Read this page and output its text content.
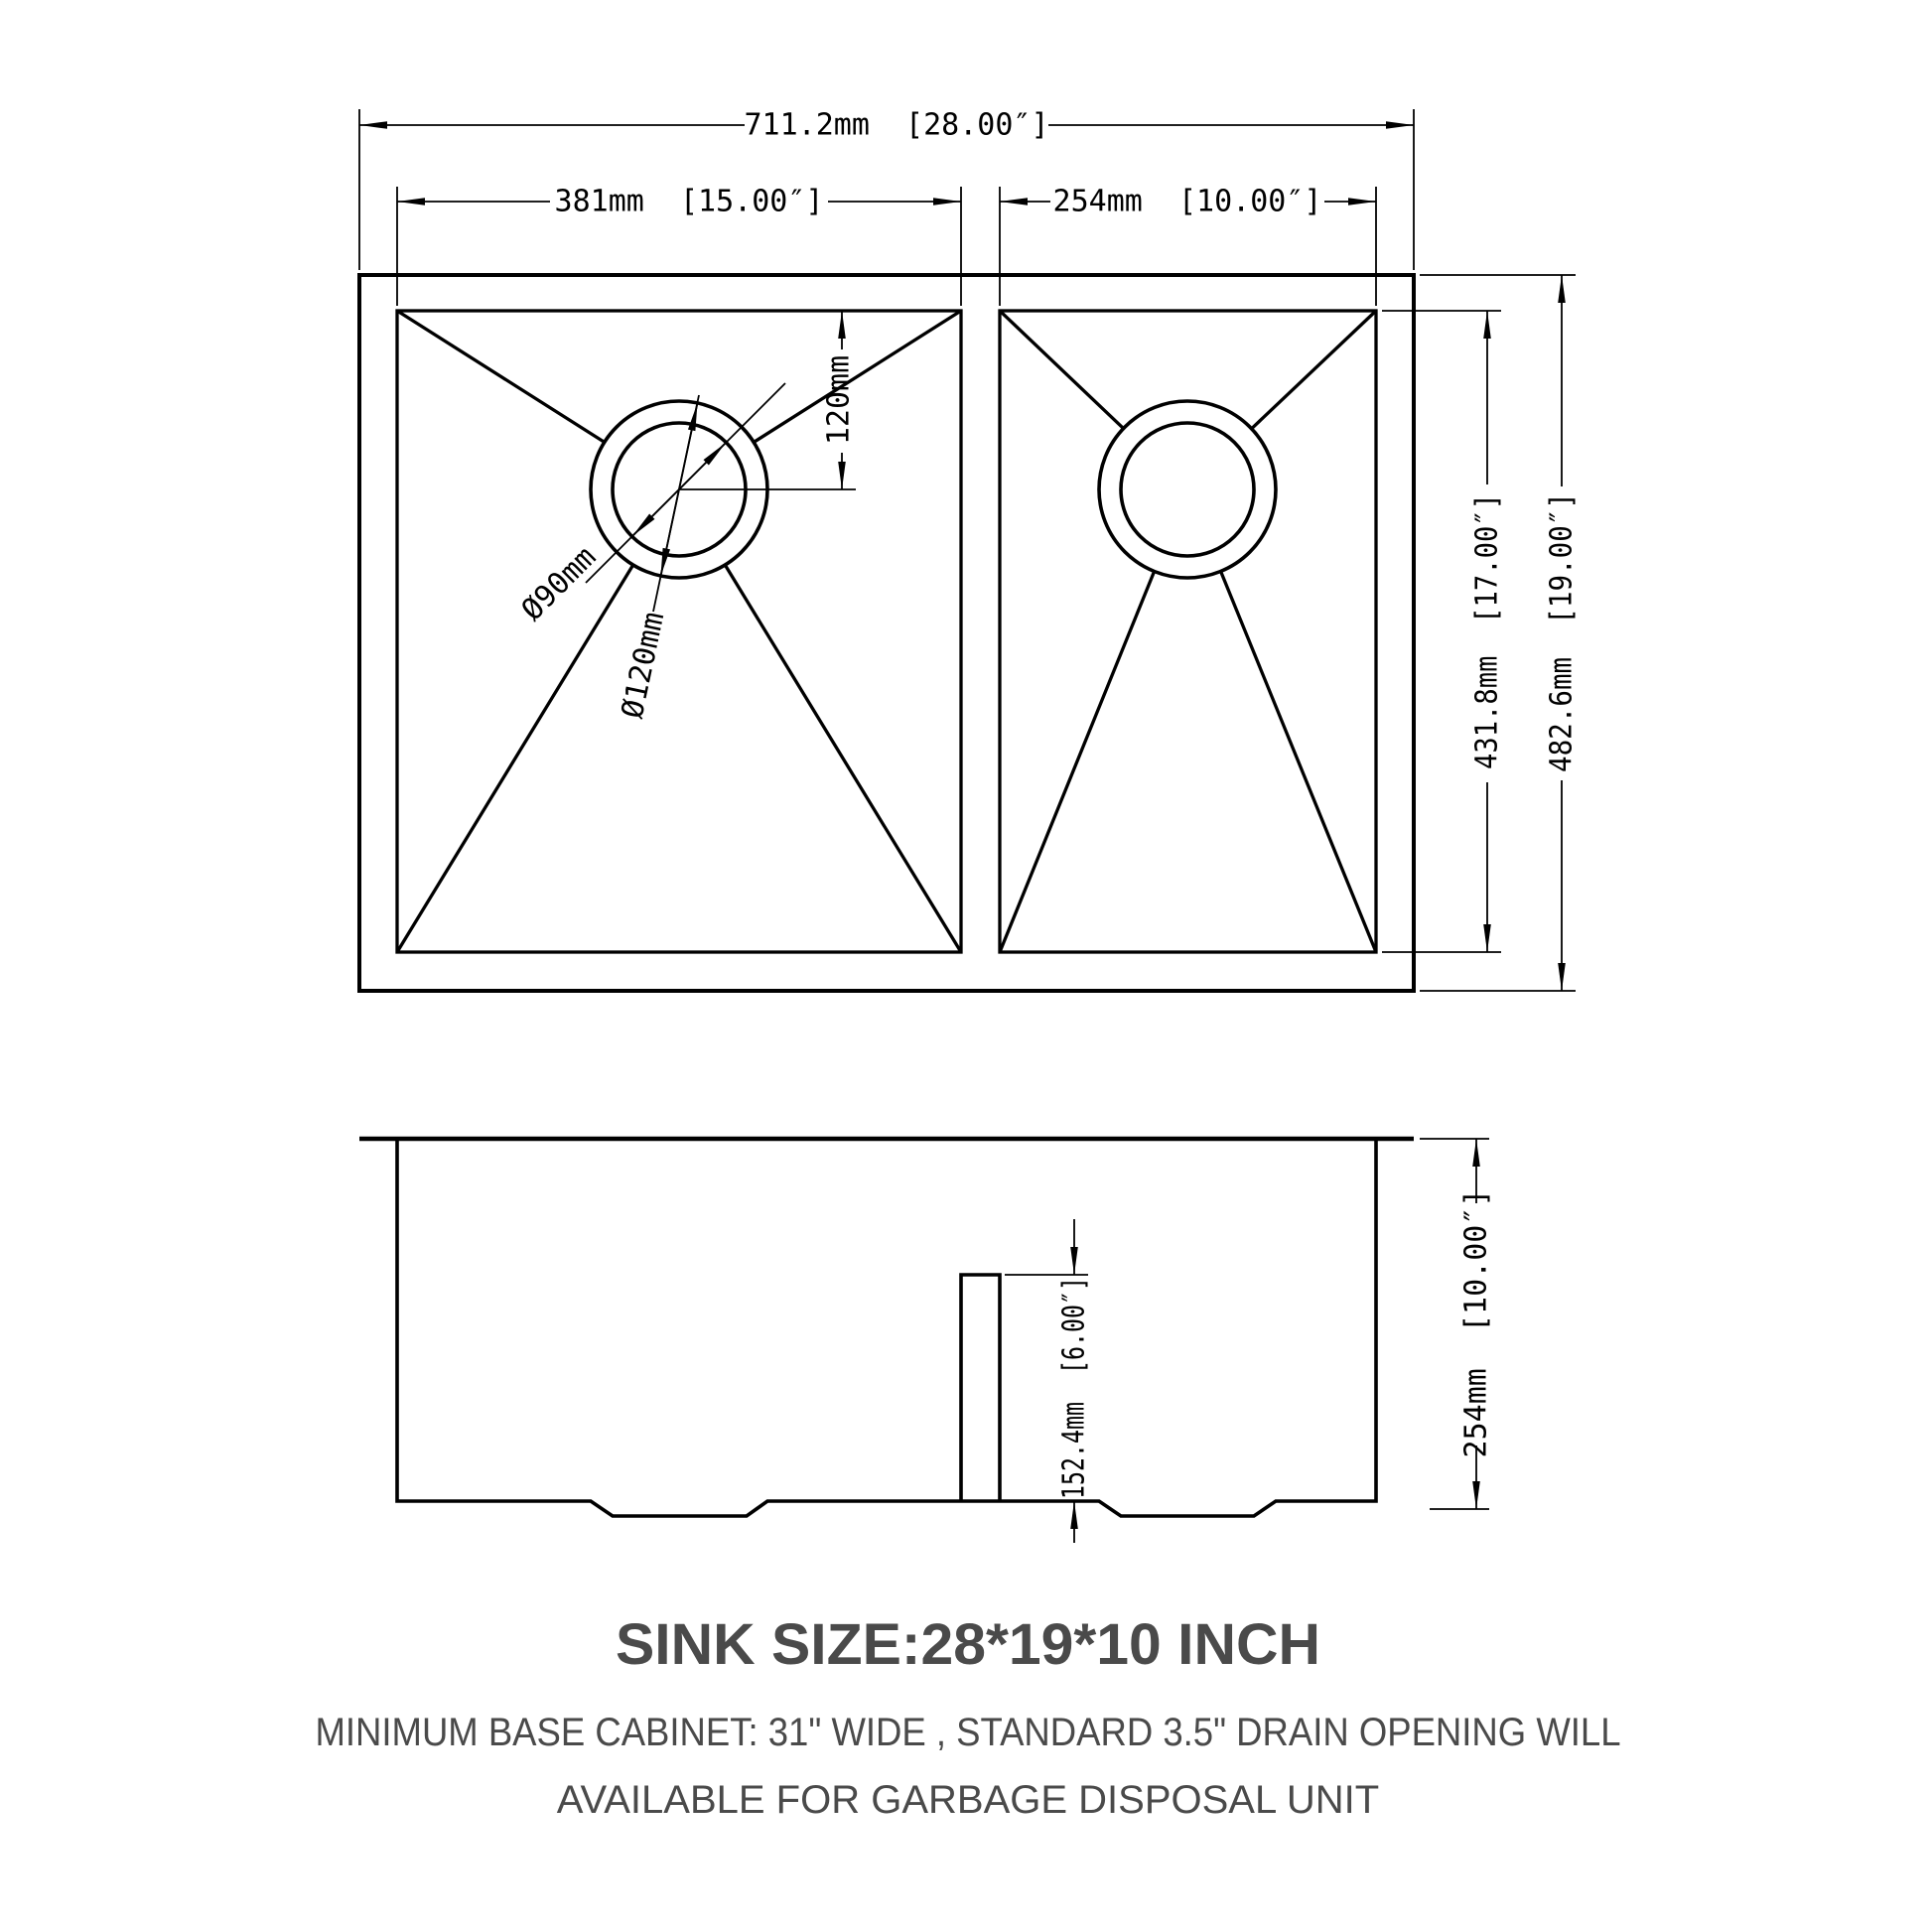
711.2mm  [28.00″]
381mm  [15.00″]	254mm  [10.00″]
431.8mm  [17.00″] 482.6mm  [19.00″]
120mm
Ø90mm
Ø120mm
152.4mm  [6.00″]	254mm  [10.00″]
SINK SIZE:28*19*10 INCH
MINIMUM BASE CABINET: 31" WIDE , STANDARD 3.5" DRAIN OPENING WILL
AVAILABLE FOR GARBAGE DISPOSAL UNIT
